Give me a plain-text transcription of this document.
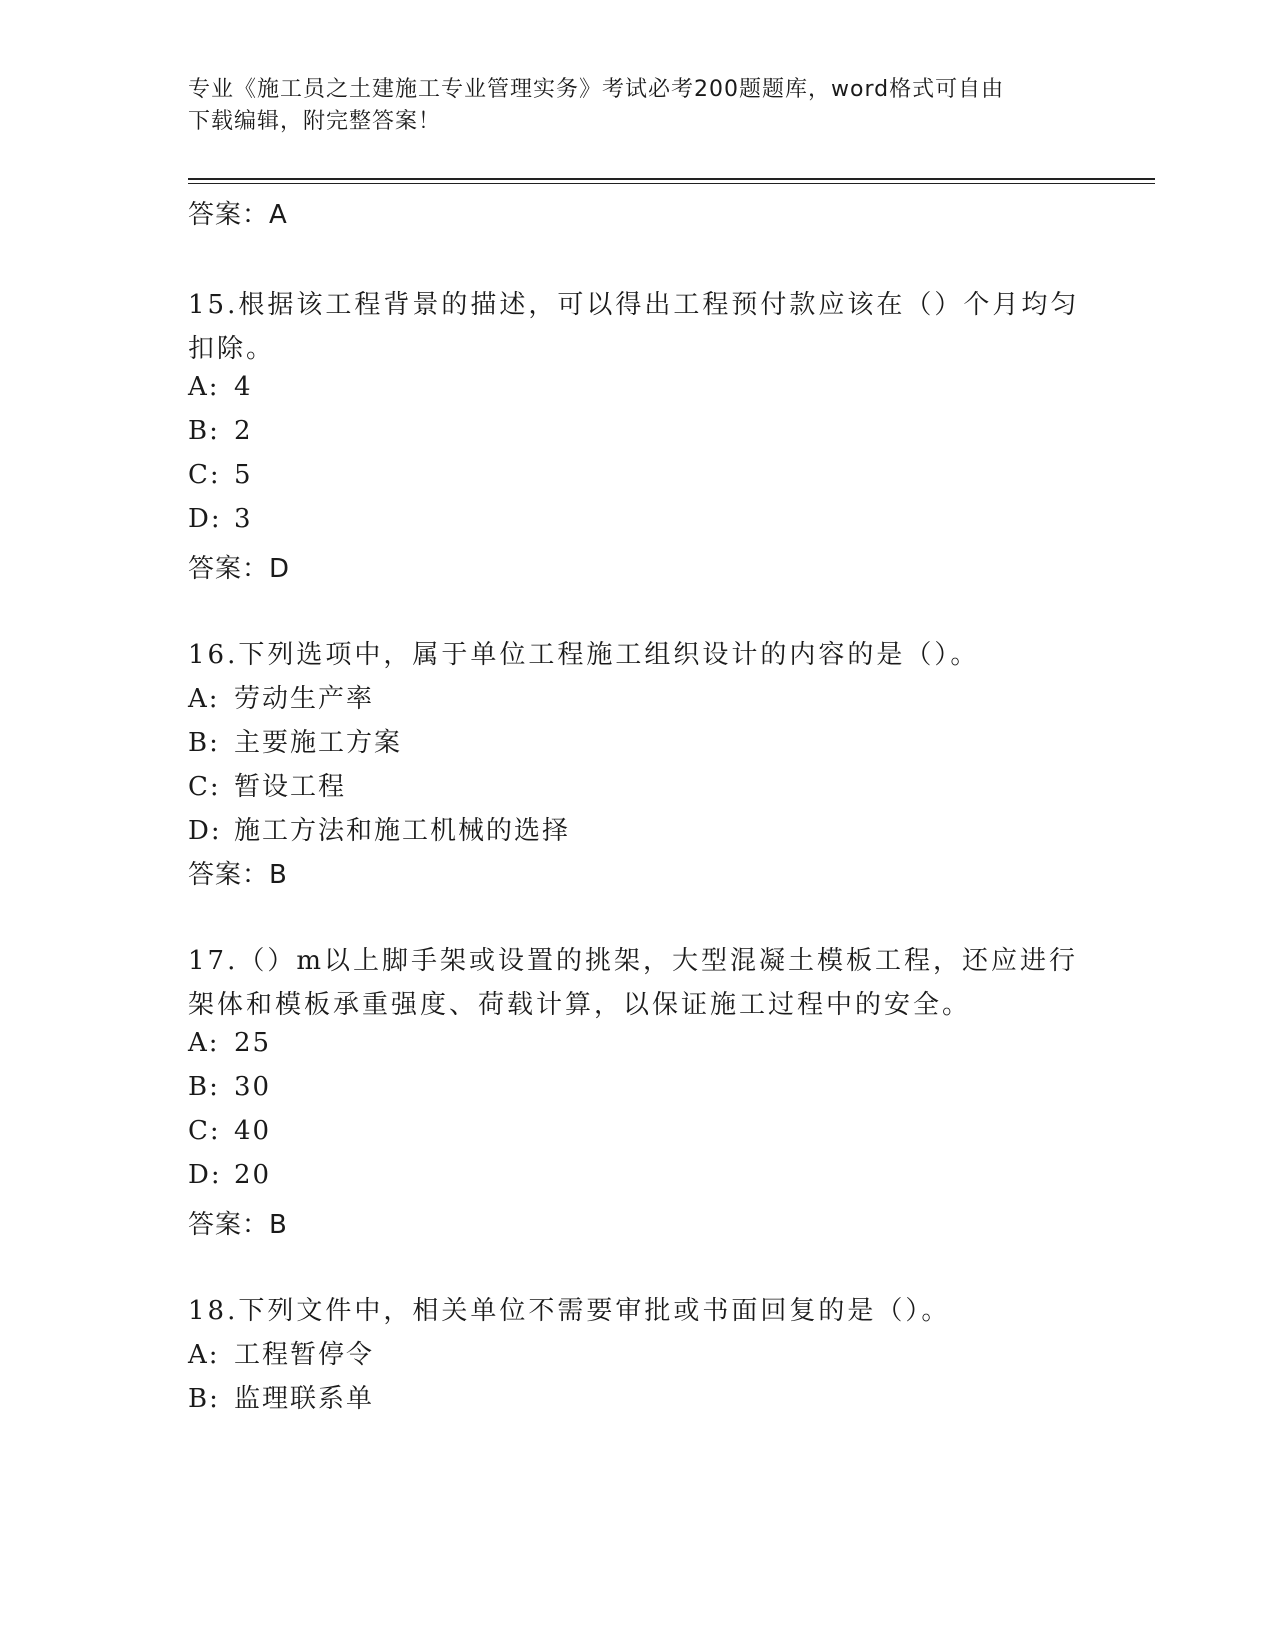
专业《施工员之土建施工专业管理实务》考试必考200题题库，word格式可自由
下载编辑，附完整答案！
答案：A
15.根据该工程背景的描述，可以得出工程预付款应该在（）个月均匀
扣除。
A: 4
B: 2
C: 5
D: 3
答案：D
16.下列选项中，属于单位工程施工组织设计的内容的是（）。
A: 劳动生产率
B: 主要施工方案
C: 暂设工程
D: 施工方法和施工机械的选择
答案：B
17.（）m以上脚手架或设置的挑架，大型混凝土模板工程，还应进行
架体和模板承重强度、荷载计算，以保证施工过程中的安全。
A: 25
B: 30
C: 40
D: 20
答案：B
18.下列文件中，相关单位不需要审批或书面回复的是（）。
A: 工程暂停令
B: 监理联系单
